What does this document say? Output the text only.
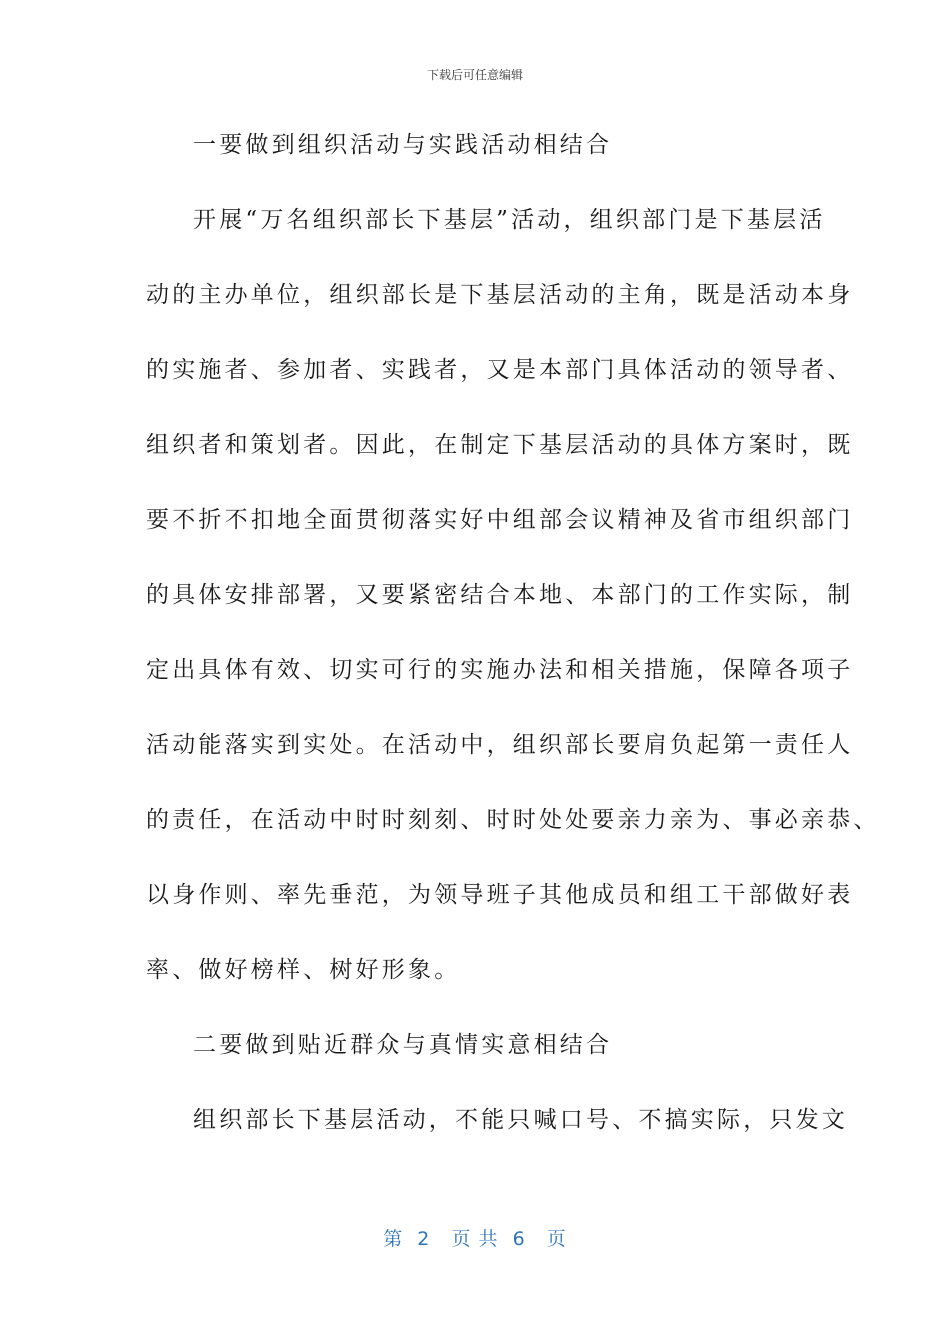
下载后可任意编辑
一要做到组织活动与实践活动相结合
开展“万名组织部长下基层”活动，组织部门是下基层活
动的主办单位，组织部长是下基层活动的主角，既是活动本身
的实施者、参加者、实践者，又是本部门具体活动的领导者、
组织者和策划者。因此，在制定下基层活动的具体方案时，既
要不折不扣地全面贯彻落实好中组部会议精神及省市组织部门
的具体安排部署，又要紧密结合本地、本部门的工作实际，制
定出具体有效、切实可行的实施办法和相关措施，保障各项子
活动能落实到实处。在活动中，组织部长要肩负起第一责任人
的责任，在活动中时时刻刻、时时处处要亲力亲为、事必亲恭、
以身作则、率先垂范，为领导班子其他成员和组工干部做好表
率、做好榜样、树好形象。
二要做到贴近群众与真情实意相结合
组织部长下基层活动，不能只喊口号、不搞实际，只发文
第  2   页 共  6   页
